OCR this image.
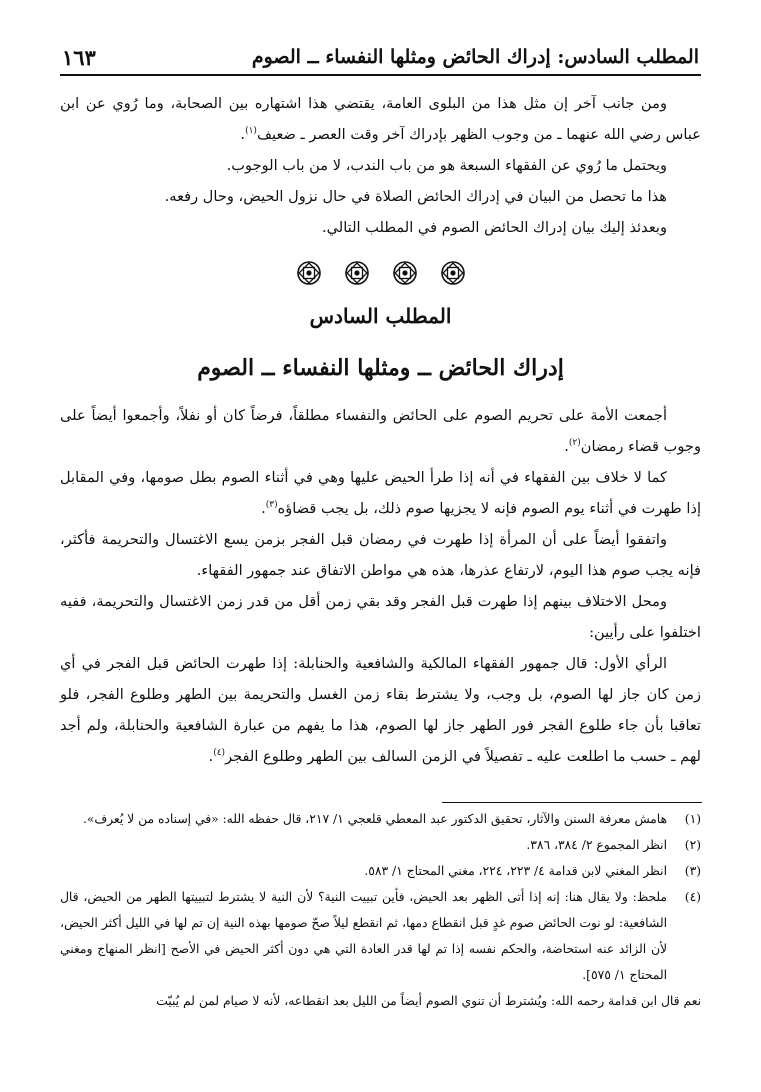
المطلب السادس: إدراك الحائض ومثلها النفساء ــ الصوم
١٦٣

ومن جانب آخر إن مثل هذا من البلوى العامة، يقتضي هذا اشتهاره بين الصحابة، وما رُوي عن ابن عباس رضي الله عنهما ـ من وجوب الظهر بإدراك آخر وقت العصر ـ ضعيف$^{(١)}$.

ويحتمل ما رُوي عن الفقهاء السبعة هو من باب الندب، لا من باب الوجوب.

هذا ما تحصل من البيان في إدراك الحائض الصلاة في حال نزول الحيض، وحال رفعه.

وبعدئذ إليك بيان إدراك الحائض الصوم في المطلب التالي.

المطلب السادس
إدراك الحائض ــ ومثلها النفساء ــ الصوم

أجمعت الأمة على تحريم الصوم على الحائض والنفساء مطلقاً، فرضاً كان أو نفلاً، وأجمعوا أيضاً على وجوب قضاء رمضان$^{(٢)}$.

كما لا خلاف بين الفقهاء في أنه إذا طرأ الحيض عليها وهي في أثناء الصوم بطل صومها، وفي المقابل إذا طهرت في أثناء يوم الصوم فإنه لا يجزيها صوم ذلك، بل يجب قضاؤه$^{(٣)}$.

واتفقوا أيضاً على أن المرأة إذا طهرت في رمضان قبل الفجر بزمن يسع الاغتسال والتحريمة فأكثر، فإنه يجب صوم هذا اليوم، لارتفاع عذرها، هذه هي مواطن الاتفاق عند جمهور الفقهاء.

ومحل الاختلاف بينهم إذا طهرت قبل الفجر وقد بقي زمن أقل من قدر زمن الاغتسال والتحريمة، ففيه اختلفوا على رأيين:

الرأي الأول: قال جمهور الفقهاء المالكية والشافعية والحنابلة: إذا طهرت الحائض قبل الفجر في أي زمن كان جاز لها الصوم، بل وجب، ولا يشترط بقاء زمن الغسل والتحريمة بين الطهر وطلوع الفجر، فلو تعاقبا بأن جاء طلوع الفجر فور الطهر جاز لها الصوم، هذا ما يفهم من عبارة الشافعية والحنابلة، ولم أجد لهم ـ حسب ما اطلعت عليه ـ تفصيلاً في الزمن السالف بين الطهر وطلوع الفجر$^{(٤)}$.

(١)
هامش معرفة السنن والآثار، تحقيق الدكتور عبد المعطي قلعجي ١/ ٢١٧، قال حفظه الله: «في إسناده من لا يُعرف».
(٢)
انظر المجموع ٢/ ٣٨٤، ٣٨٦.
(٣)
انظر المغني لابن قدامة ٤/ ٢٢٣، ٢٢٤، مغني المحتاج ١/ ٥٨٣.
(٤)
ملحظ: ولا يقال هنا: إنه إذا أتى الظهر بعد الحيض، فأين تبييت النية؟ لأن النية لا يشترط لتبييتها الطهر من الحيض، قال الشافعية: لو نوت الحائض صوم غدٍ قبل انقطاع دمها، ثم انقطع ليلاً صحّ صومها بهذه النية إن تم لها في الليل أكثر الحيض، لأن الزائد عنه استحاضة، والحكم نفسه إذا تم لها قدر العادة التي هي دون أكثر الحيض في الأصح [انظر المنهاج ومغني المحتاج ١/ ٥٧٥].
نعم قال ابن قدامة رحمه الله: ويُشترط أن تنوي الصوم أيضاً من الليل بعد انقطاعه، لأنه لا صيام لمن لم يُبيّت
